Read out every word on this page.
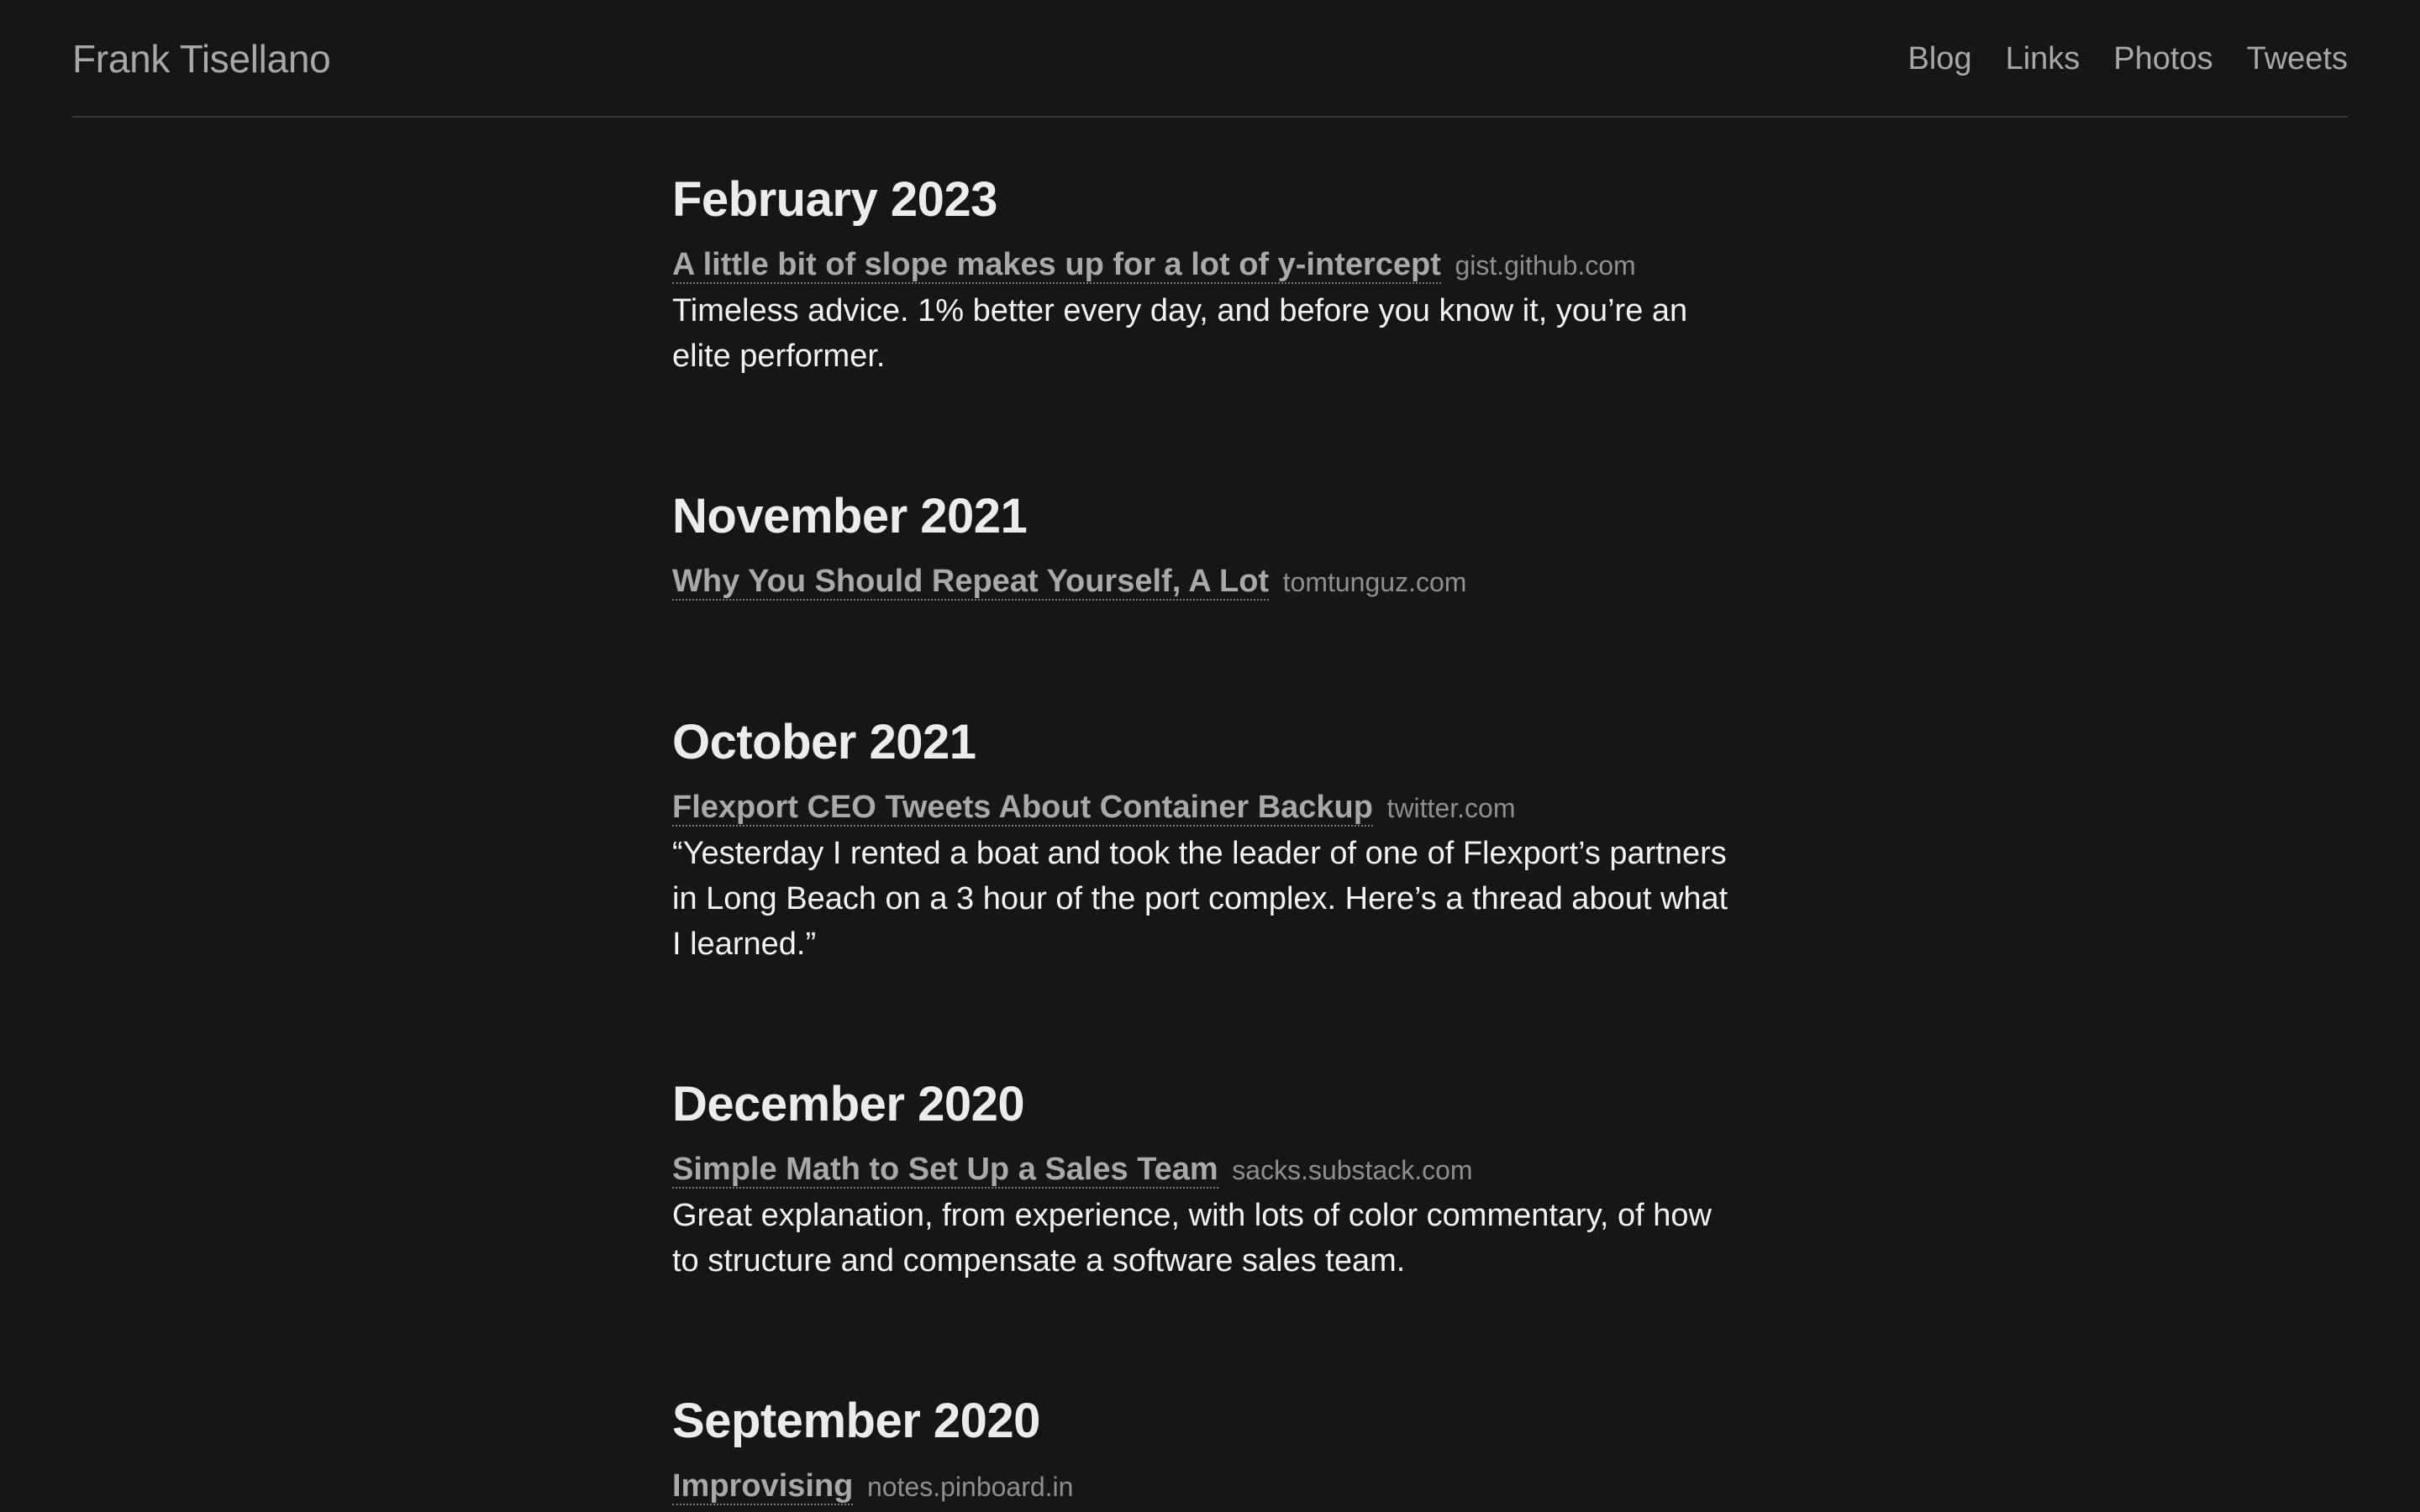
Frank Tisellano	Blog Links Photos Tweets
February 2023
A little bit of slope makes up for a lot of y-intercept gist.github.com

Timeless advice. 1% better every day, and before you know it, you’re an elite performer.

November 2021
Why You Should Repeat Yourself, A Lot tomtunguz.com
October 2021
Flexport CEO Tweets About Container Backup twitter.com

“Yesterday I rented a boat and took the leader of one of Flexport’s partners in Long Beach on a 3 hour of the port complex. Here’s a thread about what I learned.”

December 2020
Simple Math to Set Up a Sales Team sacks.substack.com

Great explanation, from experience, with lots of color commentary, of how to structure and compensate a software sales team.

September 2020
Improvising notes.pinboard.in
